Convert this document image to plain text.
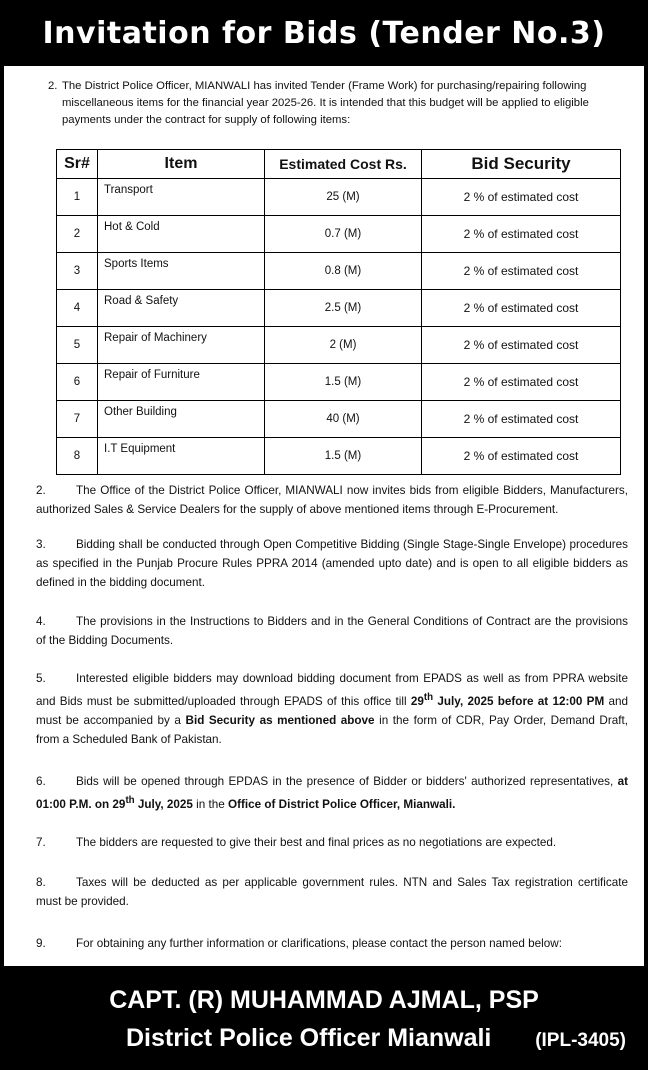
Invitation for Bids (Tender No.3)
2. The District Police Officer, MIANWALI has invited Tender (Frame Work) for purchasing/repairing following miscellaneous items for the financial year 2025-26. It is intended that this budget will be applied to eligible payments under the contract for supply of following items:
Sr#	Item	Estimated Cost Rs.	Bid Security
1	Transport	25 (M)	2 % of estimated cost
2	Hot & Cold	0.7 (M)	2 % of estimated cost
3	Sports Items	0.8 (M)	2 % of estimated cost
4	Road & Safety	2.5 (M)	2 % of estimated cost
5	Repair of Machinery	2 (M)	2 % of estimated cost
6	Repair of Furniture	1.5 (M)	2 % of estimated cost
7	Other Building	40 (M)	2 % of estimated cost
8	I.T Equipment	1.5 (M)	2 % of estimated cost
2.	The Office of the District Police Officer, MIANWALI now invites bids from eligible Bidders, Manufacturers, authorized Sales & Service Dealers for the supply of above mentioned items through E-Procurement.
3.	Bidding shall be conducted through Open Competitive Bidding (Single Stage-Single Envelope) procedures as specified in the Punjab Procure Rules PPRA 2014 (amended upto date) and is open to all eligible bidders as defined in the bidding document.
4.	The provisions in the Instructions to Bidders and in the General Conditions of Contract are the provisions of the Bidding Documents.
5.	Interested eligible bidders may download bidding document from EPADS as well as from PPRA website and Bids must be submitted/uploaded through EPADS of this office till 29th July, 2025 before at 12:00 PM and must be accompanied by a Bid Security as mentioned above in the form of CDR, Pay Order, Demand Draft, from a Scheduled Bank of Pakistan.
6.	Bids will be opened through EPDAS in the presence of Bidder or bidders' authorized representatives, at 01:00 P.M. on 29th July, 2025 in the Office of District Police Officer, Mianwali.
7.	The bidders are requested to give their best and final prices as no negotiations are expected.
8.	Taxes will be deducted as per applicable government rules. NTN and Sales Tax registration certificate must be provided.
9.	For obtaining any further information or clarifications, please contact the person named below:
CAPT. (R) MUHAMMAD AJMAL, PSP
District Police Officer Mianwali (IPL-3405)
